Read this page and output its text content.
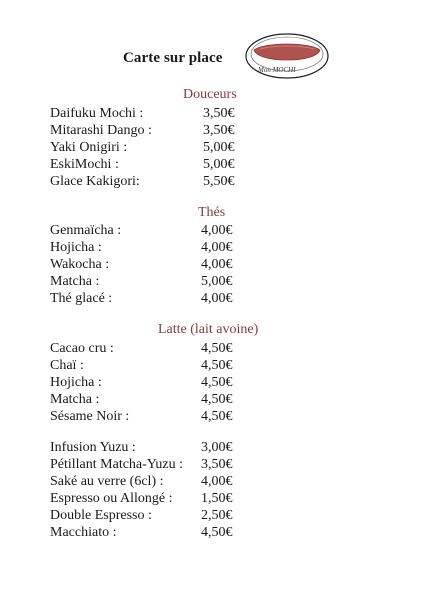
Carte sur place
Mon MOCHI
Douceurs
Daifuku Mochi :	3,50€
Mitarashi Dango :	3,50€
Yaki Onigiri :	5,00€
EskiMochi :	5,00€
Glace Kakigori:	5,50€
Thés
Genmaïcha :	4,00€
Hojicha :	4,00€
Wakocha :	4,00€
Matcha :	5,00€
Thé glacé :	4,00€
Latte (lait avoine)
Cacao cru :	4,50€
Chaï :	4,50€
Hojicha :	4,50€
Matcha :	4,50€
Sésame Noir :	4,50€
Infusion Yuzu :	3,00€
Pétillant Matcha-Yuzu : 3,50€
Saké au verre (6cl) :	4,00€
Espresso ou Allongé : 1,50€
Double Espresso :	2,50€
Macchiato :	4,50€
